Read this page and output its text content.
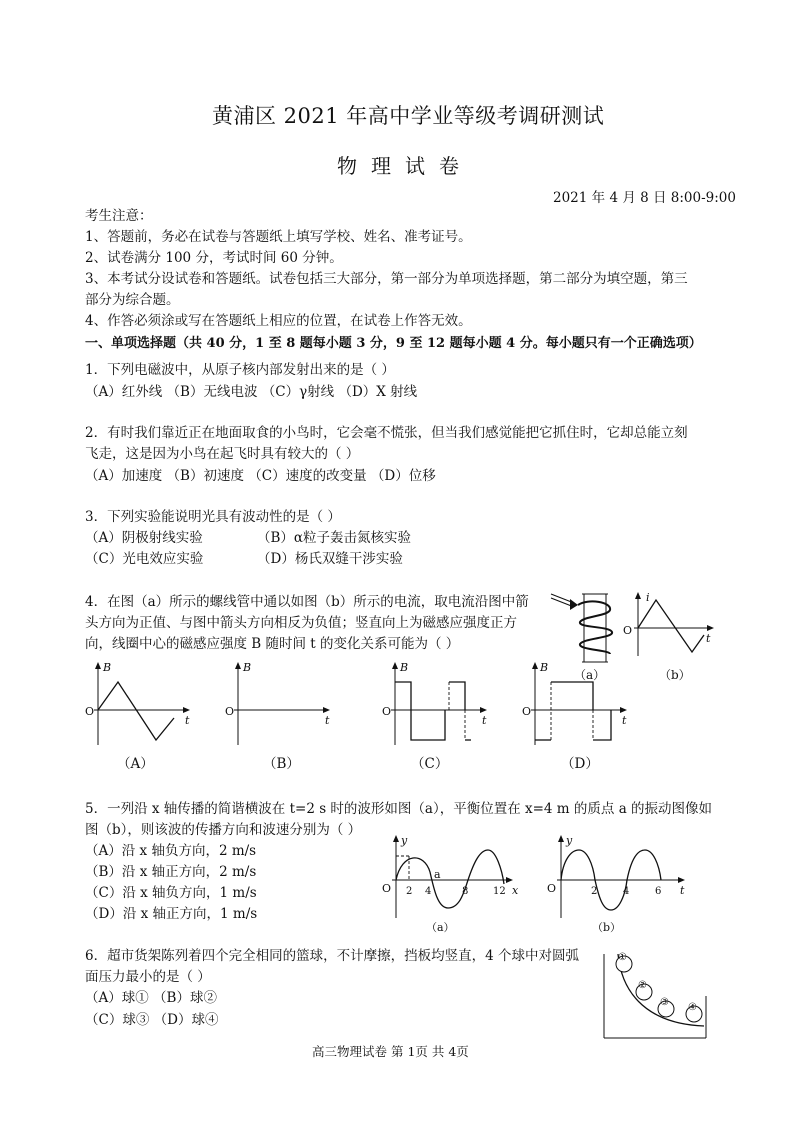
黄浦区 2021 年高中学业等级考调研测试
物理试卷
2021 年 4 月 8 日 8:00-9:00
考生注意：
1、答题前，务必在试卷与答题纸上填写学校、姓名、准考证号。
2、试卷满分 100 分，考试时间 60 分钟。
3、本考试分设试卷和答题纸。试卷包括三大部分，第一部分为单项选择题，第二部分为填空题，第三
部分为综合题。
4、作答必须涂或写在答题纸上相应的位置，在试卷上作答无效。
一、单项选择题（共 40 分，1 至 8 题每小题 3 分，9 至 12 题每小题 4 分。每小题只有一个正确选项）
1．下列电磁波中，从原子核内部发射出来的是（ ）
（A）红外线 （B）无线电波 （C）γ射线 （D）X 射线
2．有时我们靠近正在地面取食的小鸟时，它会毫不慌张，但当我们感觉能把它抓住时，它却总能立刻
飞走，这是因为小鸟在起飞时具有较大的（ ）
（A）加速度 （B）初速度 （C）速度的改变量 （D）位移
3．下列实验能说明光具有波动性的是（ ）
（A）阴极射线实验	（B）α粒子轰击氮核实验
（C）光电效应实验	（D）杨氏双缝干涉实验
4．在图（a）所示的螺线管中通以如图（b）所示的电流，取电流沿图中箭
头方向为正值、与图中箭头方向相反为负值；竖直向上为磁感应强度正方
向，线圈中心的磁感应强度 B 随时间 t 的变化关系可能为（ ）
（a）
i
O
t
（b）
B
O
t
（A）
B
O
t
（B）
B
O
t
（C）
B
O
t
（D）
5．一列沿 x 轴传播的简谐横波在 t=2 s 时的波形如图（a），平衡位置在 x=4 m 的质点 a 的振动图像如
图（b），则该波的传播方向和波速分别为（ ）
（A）沿 x 轴负方向，2 m/s
（B）沿 x 轴正方向，2 m/s
（C）沿 x 轴负方向，1 m/s
（D）沿 x 轴正方向，1 m/s
y
x
O 2 4	8 12
a
（a）
y
O	2	4	6 t
（b）
6．超市货架陈列着四个完全相同的篮球，不计摩擦，挡板均竖直，4 个球中对圆弧
面压力最小的是（ ）
（A）球① （B）球②
（C）球③ （D）球④
①
②
③ ④
高三物理试卷 第 1页 共 4页
